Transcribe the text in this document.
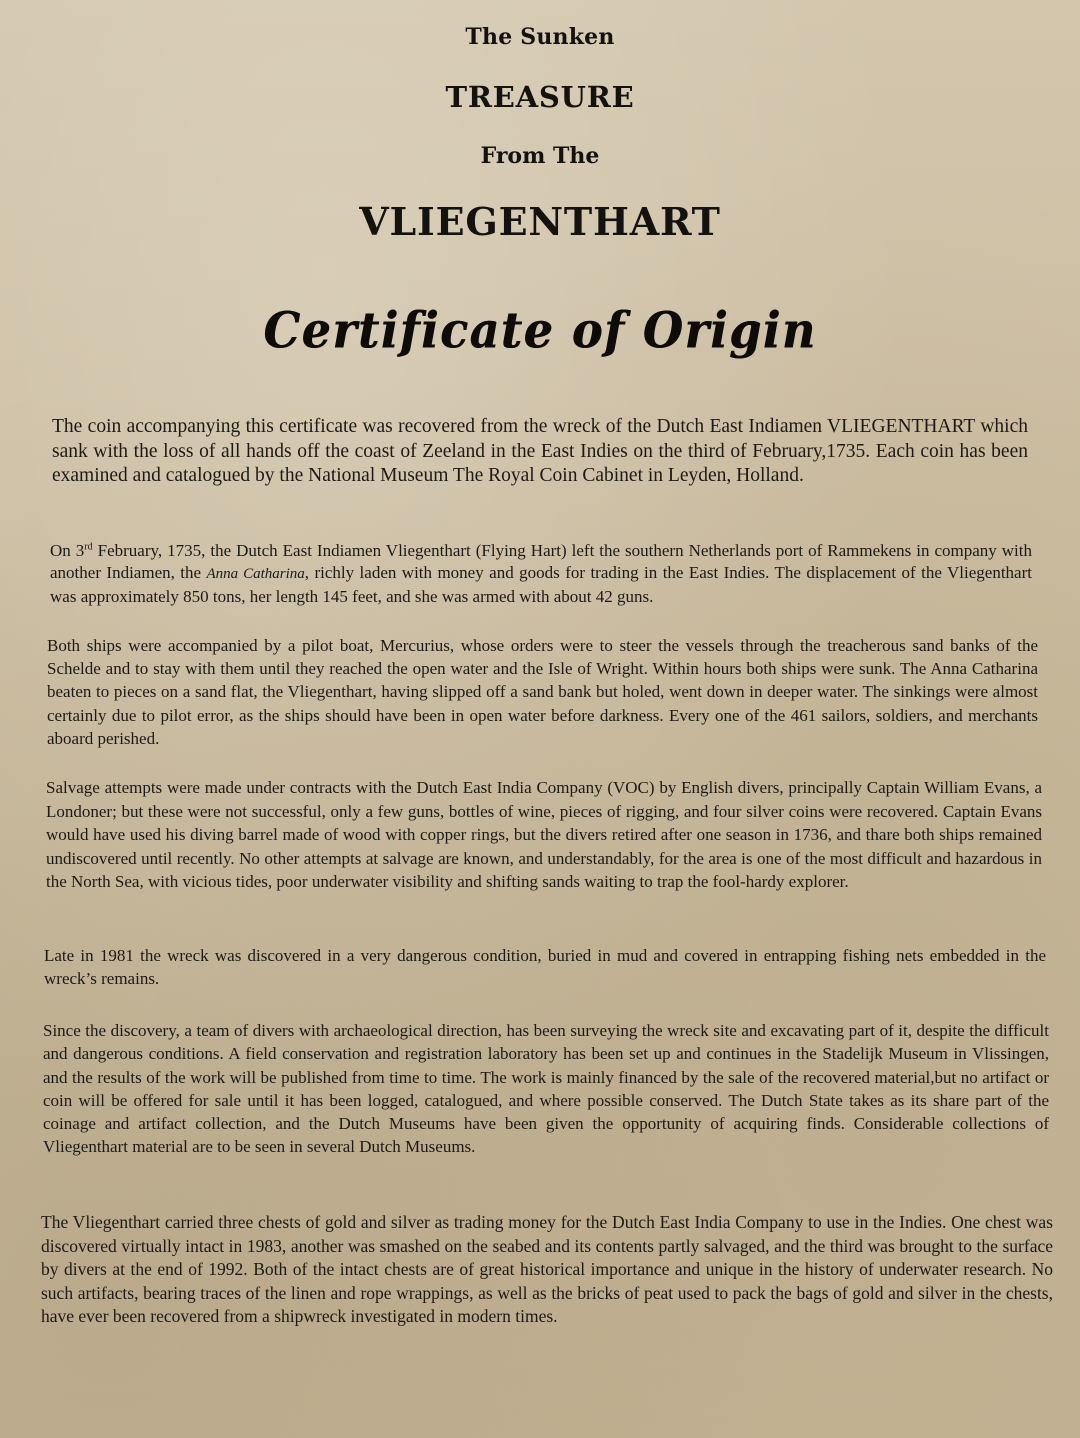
The Sunken
TREASURE
From The
VLIEGENTHART
Certificate of Origin

The coin accompanying this certificate was recovered from the wreck of the Dutch East Indiamen VLIEGENTHART which sank with the loss of all hands off the coast of Zeeland in the East Indies on the third of February,1735. Each coin has been examined and catalogued by the National Museum The Royal Coin Cabinet in Leyden, Holland.

On 3rd February, 1735, the Dutch East Indiamen Vliegenthart (Flying Hart) left the southern Netherlands port of Rammekens in company with another Indiamen, the Anna Catharina, richly laden with money and goods for trading in the East Indies. The displacement of the Vliegenthart was approximately 850 tons, her length 145 feet, and she was armed with about 42 guns.

Both ships were accompanied by a pilot boat, Mercurius, whose orders were to steer the vessels through the treacherous sand banks of the Schelde and to stay with them until they reached the open water and the Isle of Wright. Within hours both ships were sunk. The Anna Catharina beaten to pieces on a sand flat, the Vliegenthart, having slipped off a sand bank but holed, went down in deeper water. The sinkings were almost certainly due to pilot error, as the ships should have been in open water before darkness. Every one of the 461 sailors, soldiers, and merchants aboard perished.

Salvage attempts were made under contracts with the Dutch East India Company (VOC) by English divers, principally Captain William Evans, a Londoner; but these were not successful, only a few guns, bottles of wine, pieces of rigging, and four silver coins were recovered. Captain Evans would have used his diving barrel made of wood with copper rings, but the divers retired after one season in 1736, and thare both ships remained undiscovered until recently. No other attempts at salvage are known, and understandably, for the area is one of the most difficult and hazardous in the North Sea, with vicious tides, poor underwater visibility and shifting sands waiting to trap the fool-hardy explorer.

Late in 1981 the wreck was discovered in a very dangerous condition, buried in mud and covered in entrapping fishing nets embedded in the wreck’s remains.

Since the discovery, a team of divers with archaeological direction, has been surveying the wreck site and excavating part of it, despite the difficult and dangerous conditions. A field conservation and registration laboratory has been set up and continues in the Stadelijk Museum in Vlissingen, and the results of the work will be published from time to time. The work is mainly financed by the sale of the recovered material,but no artifact or coin will be offered for sale until it has been logged, catalogued, and where possible conserved. The Dutch State takes as its share part of the coinage and artifact collection, and the Dutch Museums have been given the opportunity of acquiring finds. Considerable collections of Vliegenthart material are to be seen in several Dutch Museums.

The Vliegenthart carried three chests of gold and silver as trading money for the Dutch East India Company to use in the Indies. One chest was discovered virtually intact in 1983, another was smashed on the seabed and its contents partly salvaged, and the third was brought to the surface by divers at the end of 1992. Both of the intact chests are of great historical importance and unique in the history of underwater research. No such artifacts, bearing traces of the linen and rope wrappings, as well as the bricks of peat used to pack the bags of gold and silver in the chests, have ever been recovered from a shipwreck investigated in modern times.
